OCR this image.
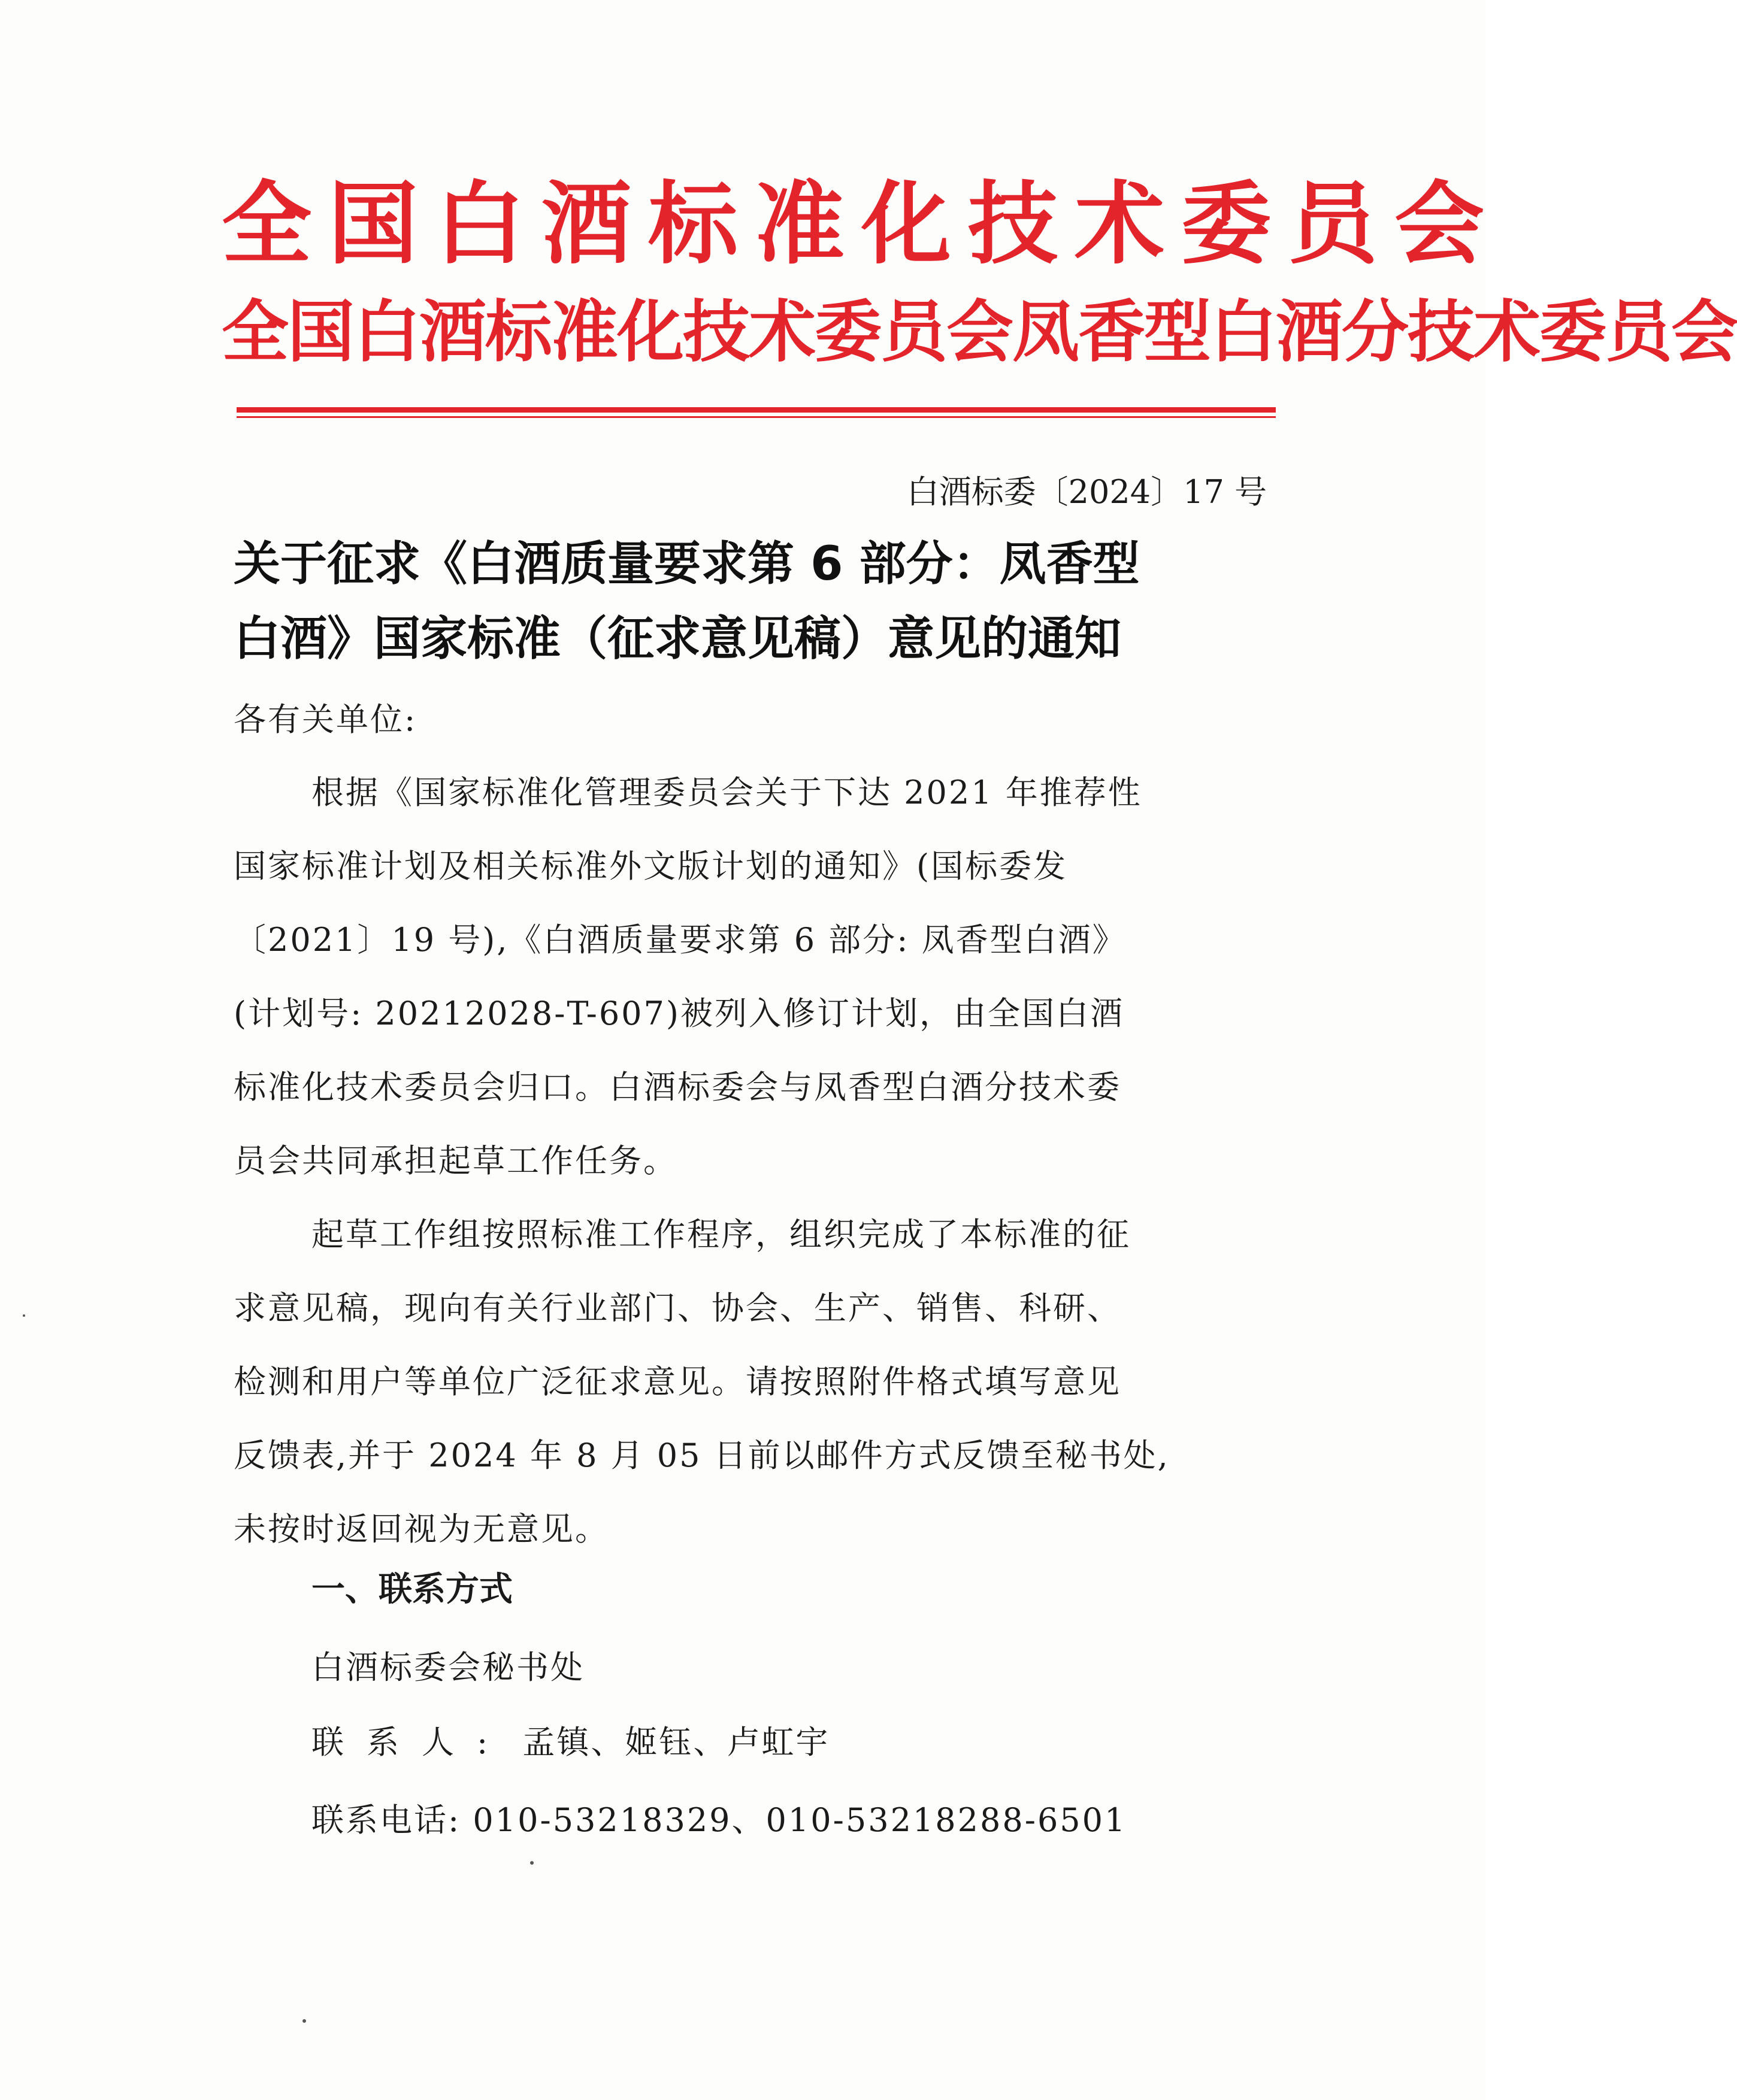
全国白酒标准化技术委员会
全国白酒标准化技术委员会凤香型白酒分技术委员会
白酒标委〔2024〕17 号
关于征求《白酒质量要求第 6 部分：凤香型
白酒》国家标准（征求意见稿）意见的通知
各有关单位:
根据《国家标准化管理委员会关于下达 2021 年推荐性
国家标准计划及相关标准外文版计划的通知》(国标委发
〔2021〕19 号),《白酒质量要求第 6 部分: 凤香型白酒》
(计划号: 20212028-T-607)被列入修订计划，由全国白酒
标准化技术委员会归口。白酒标委会与凤香型白酒分技术委
员会共同承担起草工作任务。
起草工作组按照标准工作程序，组织完成了本标准的征
求意见稿，现向有关行业部门、协会、生产、销售、科研、
检测和用户等单位广泛征求意见。请按照附件格式填写意见
反馈表,并于 2024 年 8 月 05 日前以邮件方式反馈至秘书处,
未按时返回视为无意见。
一、联系方式
白酒标委会秘书处
联系人: 孟镇、姬钰、卢虹宇
联系电话: 010-53218329、010-53218288-6501
